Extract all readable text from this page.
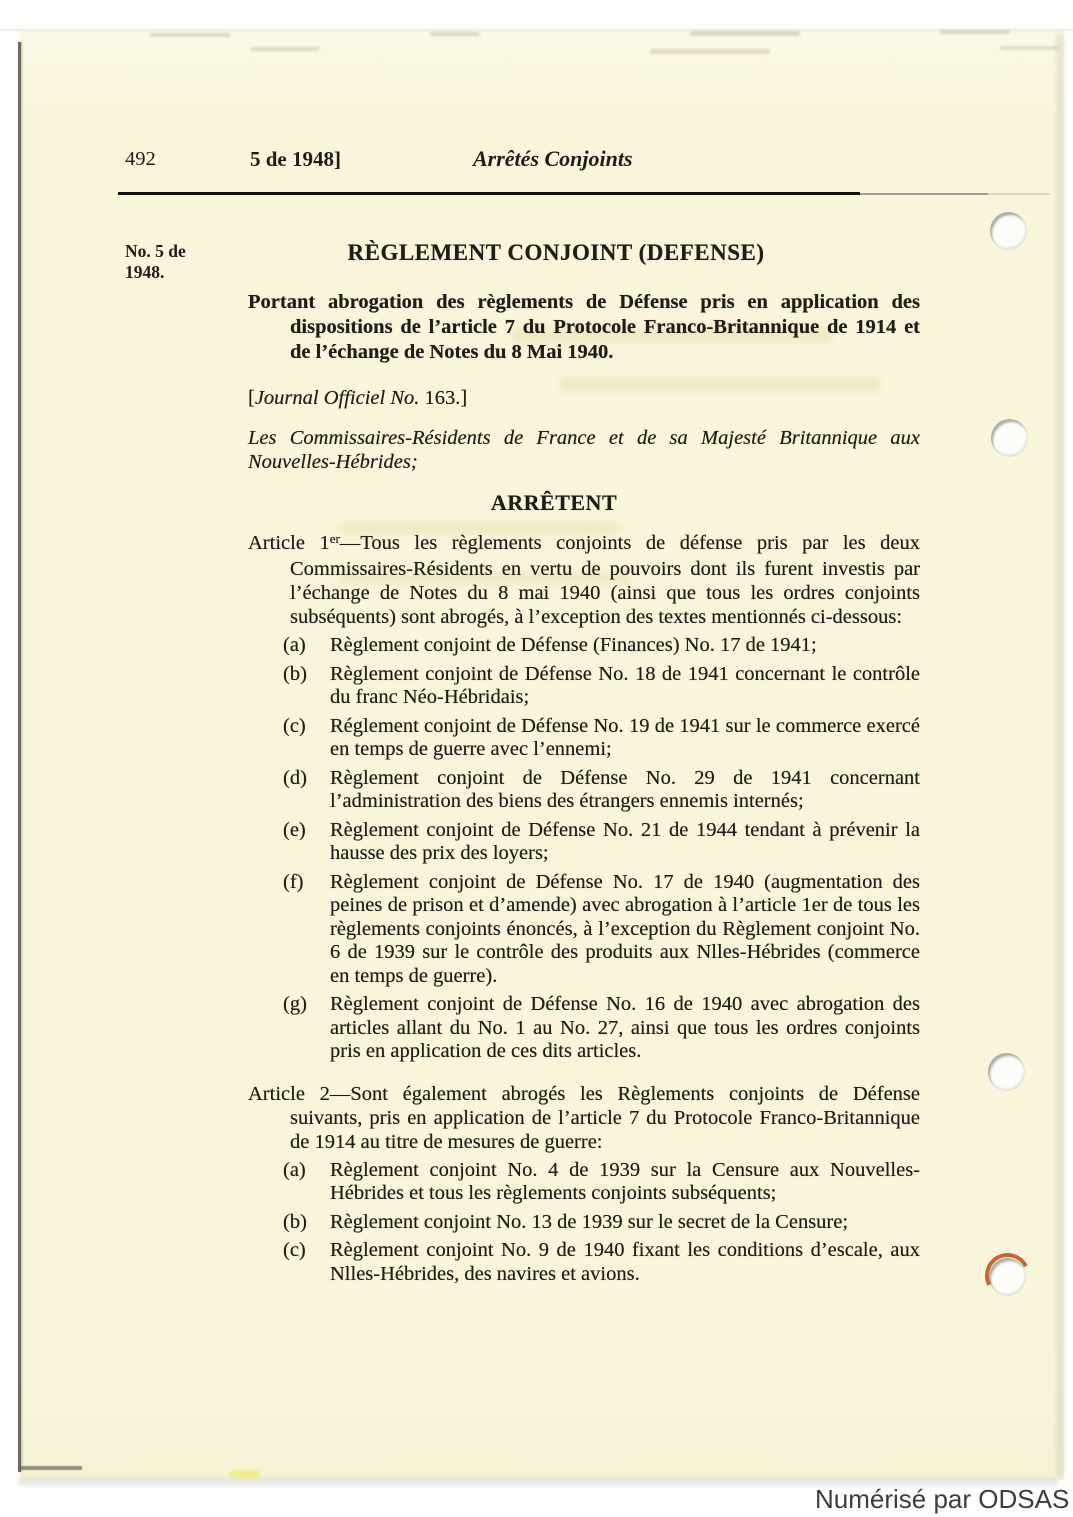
492	5 de 1948]	Arrêtés Conjoints
No. 5 de
1948.
RÈGLEMENT CONJOINT (DEFENSE)
Portant abrogation des règlements de Défense pris en application des dispositions de l’article 7 du Protocole Franco-Britannique de 1914 et de l’échange de Notes du 8 Mai 1940.
[Journal Officiel No. 163.]
Les Commissaires-Résidents de France et de sa Majesté Britannique aux Nouvelles-Hébrides;
ARRÊTENT
Article 1er—Tous les règlements conjoints de défense pris par les deux Commissaires-Résidents en vertu de pouvoirs dont ils furent investis par l’échange de Notes du 8 mai 1940 (ainsi que tous les ordres conjoints subséquents) sont abrogés, à l’exception des textes mentionnés ci-dessous:
(a)	Règlement conjoint de Défense (Finances) No. 17 de 1941;
(b)	Règlement conjoint de Défense No. 18 de 1941 concernant le contrôle du franc Néo-Hébridais;
(c)	Réglement conjoint de Défense No. 19 de 1941 sur le commerce exercé en temps de guerre avec l’ennemi;
(d)	Règlement conjoint de Défense No. 29 de 1941 concernant l’administration des biens des étrangers ennemis internés;
(e)	Règlement conjoint de Défense No. 21 de 1944 tendant à prévenir la hausse des prix des loyers;
(f)	Règlement conjoint de Défense No. 17 de 1940 (augmentation des peines de prison et d’amende) avec abrogation à l’article 1er de tous les règlements conjoints énoncés, à l’exception du Règlement conjoint No. 6 de 1939 sur le contrôle des produits aux Nlles-Hébrides (commerce en temps de guerre).
(g)	Règlement conjoint de Défense No. 16 de 1940 avec abrogation des articles allant du No. 1 au No. 27, ainsi que tous les ordres conjoints pris en application de ces dits articles.
Article 2—Sont également abrogés les Règlements conjoints de Défense suivants, pris en application de l’article 7 du Protocole Franco-Britannique de 1914 au titre de mesures de guerre:
(a)	Règlement conjoint No. 4 de 1939 sur la Censure aux Nouvelles-Hébrides et tous les règlements conjoints subséquents;
(b)	Règlement conjoint No. 13 de 1939 sur le secret de la Censure;
(c)	Règlement conjoint No. 9 de 1940 fixant les conditions d’escale, aux Nlles-Hébrides, des navires et avions.
Numérisé par ODSAS
